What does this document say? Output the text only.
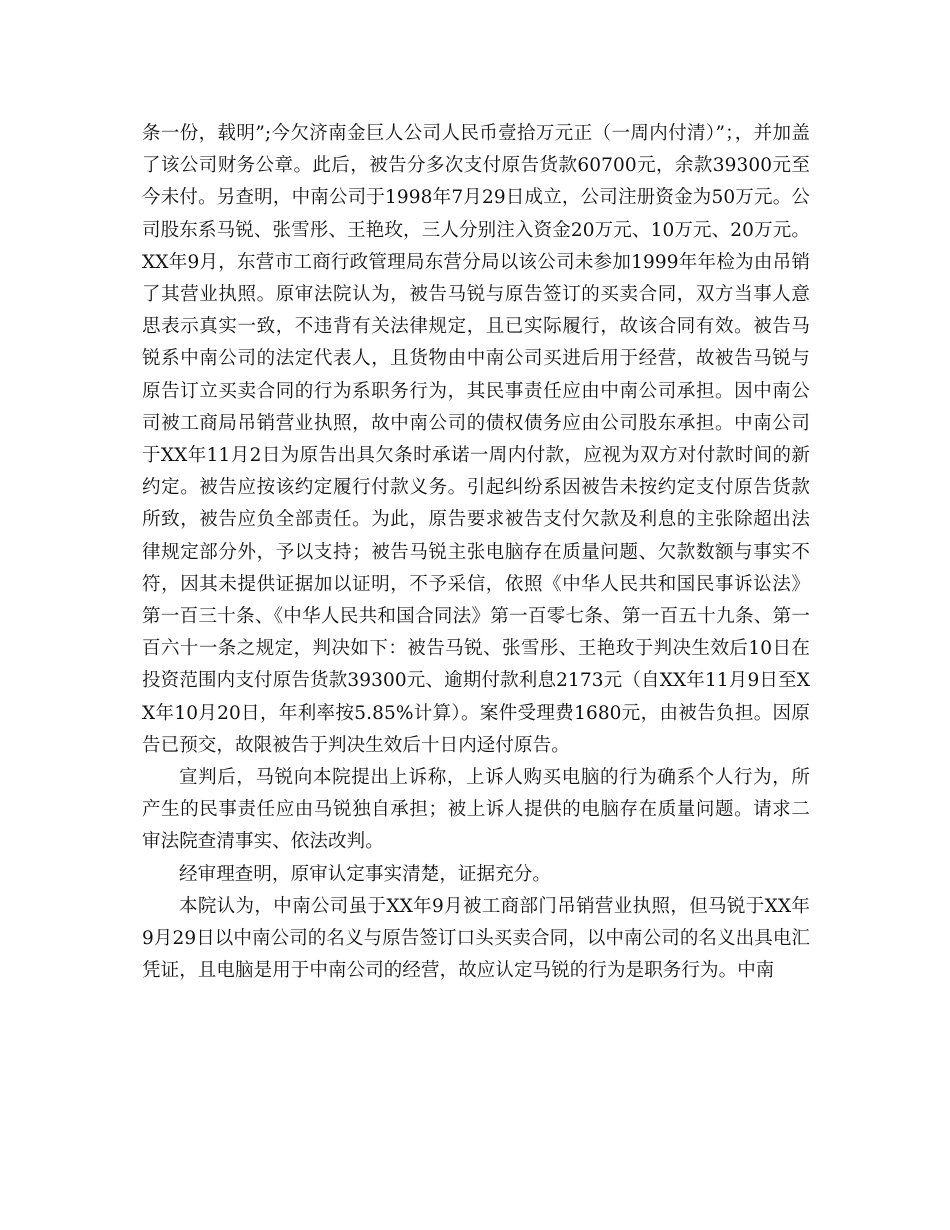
条一份，载明”;今欠济南金巨人公司人民币壹拾万元正（一周内付清）”；，并加盖了该公司财务公章。此后，被告分多次支付原告货款60700元，余款39300元至今未付。另查明，中南公司于1998年7月29日成立，公司注册资金为50万元。公司股东系马锐、张雪彤、王艳玫，三人分别注入资金20万元、10万元、20万元。XX年9月，东营市工商行政管理局东营分局以该公司未参加1999年年检为由吊销了其营业执照。原审法院认为，被告马锐与原告签订的买卖合同，双方当事人意思表示真实一致，不违背有关法律规定，且已实际履行，故该合同有效。被告马锐系中南公司的法定代表人，且货物由中南公司买进后用于经营，故被告马锐与原告订立买卖合同的行为系职务行为，其民事责任应由中南公司承担。因中南公司被工商局吊销营业执照，故中南公司的债权债务应由公司股东承担。中南公司于XX年11月2日为原告出具欠条时承诺一周内付款，应视为双方对付款时间的新约定。被告应按该约定履行付款义务。引起纠纷系因被告未按约定支付原告货款所致，被告应负全部责任。为此，原告要求被告支付欠款及利息的主张除超出法律规定部分外，予以支持；被告马锐主张电脑存在质量问题、欠款数额与事实不符，因其未提供证据加以证明，不予采信，依照《中华人民共和国民事诉讼法》第一百三十条、《中华人民共和国合同法》第一百零七条、第一百五十九条、第一百六十一条之规定，判决如下：被告马锐、张雪彤、王艳玫于判决生效后10日在投资范围内支付原告货款39300元、逾期付款利息2173元（自XX年11月9日至XX年10月20日，年利率按5.85%计算）。案件受理费1680元，由被告负担。因原告已预交，故限被告于判决生效后十日内迳付原告。

宣判后，马锐向本院提出上诉称，上诉人购买电脑的行为确系个人行为，所产生的民事责任应由马锐独自承担；被上诉人提供的电脑存在质量问题。请求二审法院查清事实、依法改判。

经审理查明，原审认定事实清楚，证据充分。

本院认为，中南公司虽于XX年9月被工商部门吊销营业执照，但马锐于XX年9月29日以中南公司的名义与原告签订口头买卖合同，以中南公司的名义出具电汇凭证，且电脑是用于中南公司的经营，故应认定马锐的行为是职务行为。中南
